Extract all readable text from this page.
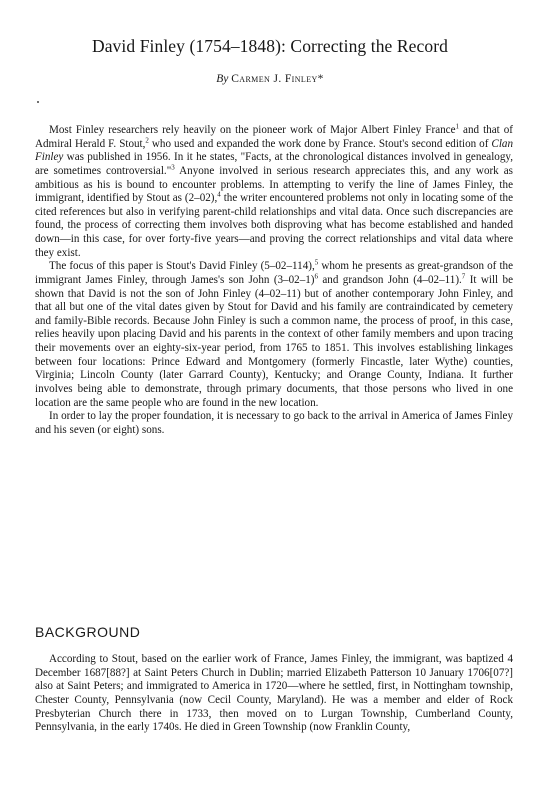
David Finley (1754–1848): Correcting the Record
By Carmen J. Finley*

Most Finley researchers rely heavily on the pioneer work of Major Albert Finley France$^1$ and that of Admiral Herald F. Stout,$^2$ who used and expanded the work done by France. Stout's second edition of Clan Finley was published in 1956. In it he states, "Facts, at the chronological distances involved in genealogy, are sometimes controversial."$^3$ Anyone involved in serious research appreciates this, and any work as ambitious as his is bound to encounter problems. In attempting to verify the line of James Finley, the immigrant, identified by Stout as (2–02),$^4$ the writer encountered problems not only in locating some of the cited references but also in verifying parent-child relationships and vital data. Once such discrepancies are found, the process of correcting them involves both disproving what has become established and handed down—in this case, for over forty-five years—and proving the correct relationships and vital data where they exist.

The focus of this paper is Stout's David Finley (5–02–114),$^5$ whom he presents as great-grandson of the immigrant James Finley, through James's son John $(3-02-1)^6$ and grandson John (4–02–11).$^7$ It will be shown that David is not the son of John Finley (4–02–11) but of another contemporary John Finley, and that all but one of the vital dates given by Stout for David and his family are contraindicated by cemetery and family-Bible records. Because John Finley is such a common name, the process of proof, in this case, relies heavily upon placing David and his parents in the context of other family members and upon tracing their movements over an eighty-six-year period, from 1765 to 1851. This involves establishing linkages between four locations: Prince Edward and Montgomery (formerly Fincastle, later Wythe) counties, Virginia; Lincoln County (later Garrard County), Kentucky; and Orange County, Indiana. It further involves being able to demonstrate, through primary documents, that those persons who lived in one location are the same people who are found in the new location.

In order to lay the proper foundation, it is necessary to go back to the arrival in America of James Finley and his seven (or eight) sons.

BACKGROUND

According to Stout, based on the earlier work of France, James Finley, the immigrant, was baptized 4 December 1687[88?] at Saint Peters Church in Dublin; married Elizabeth Patterson 10 January 1706[07?] also at Saint Peters; and immigrated to America in 1720—where he settled, first, in Nottingham township, Chester County, Pennsylvania (now Cecil County, Maryland). He was a member and elder of Rock Presbyterian Church there in 1733, then moved on to Lurgan Township, Cumberland County, Pennsylvania, in the early 1740s. He died in Green Township (now Franklin County,
